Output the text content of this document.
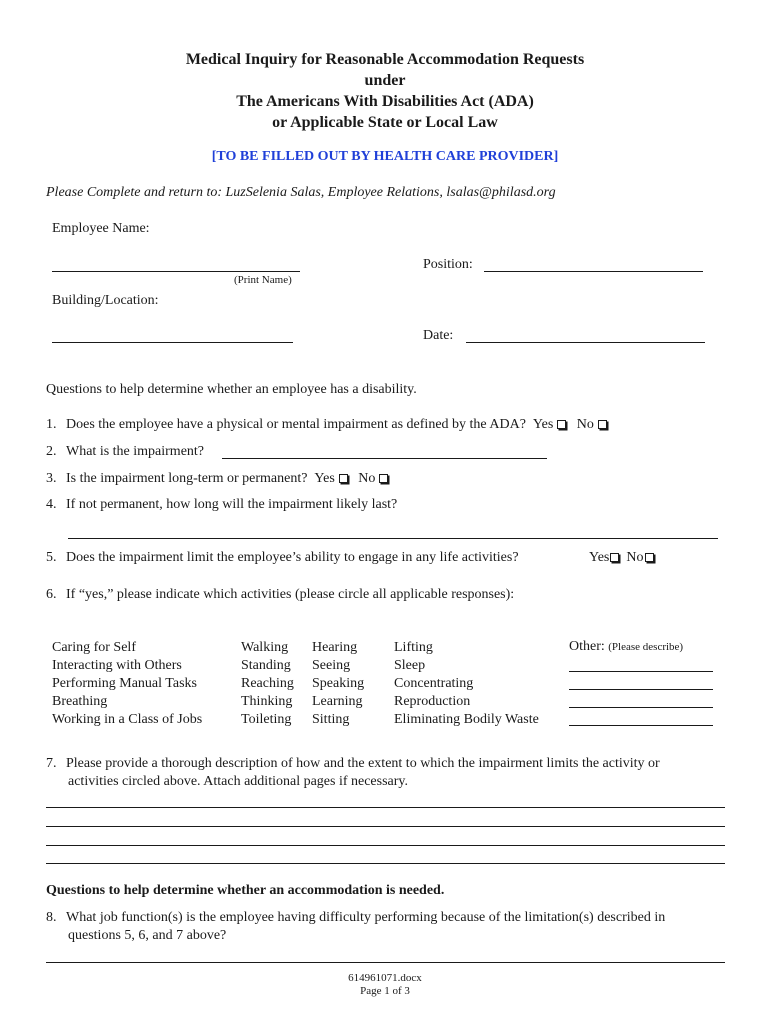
Medical Inquiry for Reasonable Accommodation Requests
under
The Americans With Disabilities Act (ADA)
or Applicable State or Local Law
[TO BE FILLED OUT BY HEALTH CARE PROVIDER]
Please Complete and return to: LuzSelenia Salas, Employee Relations, lsalas@philasd.org
Employee Name:
(Print Name)
Position:
Building/Location:
Date:
Questions to help determine whether an employee has a disability.
1. Does the employee have a physical or mental impairment as defined by the ADA? Yes No
2. What is the impairment?
3. Is the impairment long-term or permanent? Yes No
4. If not permanent, how long will the impairment likely last?
5. Does the impairment limit the employee’s ability to engage in any life activities?	Yes No
6. If “yes,” please indicate which activities (please circle all applicable responses):
Caring for Self
Interacting with Others
Performing Manual Tasks
Breathing
Working in a Class of Jobs
Walking
Standing
Reaching
Thinking
Toileting
Hearing
Seeing
Speaking
Learning
Sitting
Lifting
Sleep
Concentrating
Reproduction
Eliminating Bodily Waste
Other: (Please describe)
7. Please provide a thorough description of how and the extent to which the impairment limits the activity or
activities circled above. Attach additional pages if necessary.
Questions to help determine whether an accommodation is needed.
8. What job function(s) is the employee having difficulty performing because of the limitation(s) described in
questions 5, 6, and 7 above?
614961071.docx
Page 1 of 3
